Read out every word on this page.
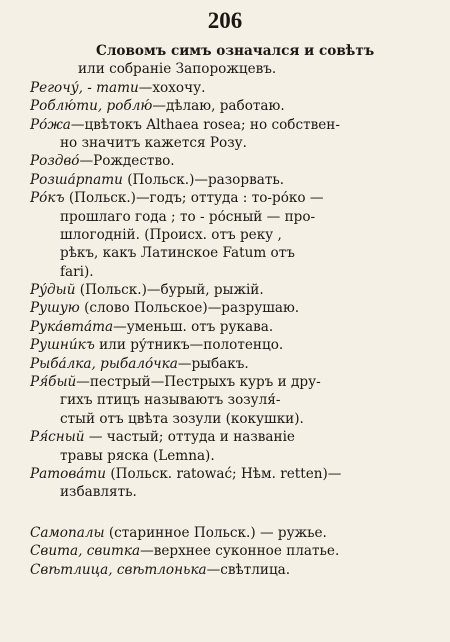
206
Словомъ симъ означался и совѣтъ
или собраніе Запорожцевъ.
Регочу́, - тати—хохочу.
Роблю́ти, роблю́—дѣлаю, работаю.
Ро́жа—цвѣтокъ Althaea rosea; но собствен-
но значитъ кажется Розу.
Роздво́—Рождество.
Розша́рпати (Польск.)—разорвать.
Ро́къ (Польск.)—годъ; оттуда : то-ро́ко —
прошлаго года ; то - ро́сный — про-
шлогодній. (Происх. отъ реку ,
рѣкъ, какъ Латинское Fatum отъ
fari).
Ру́дый (Польск.)—бурый, рыжій.
Рушую (слово Польское)—разрушаю.
Рука́вта́та—уменьш. отъ рукава.
Рушни́къ или ру́тникъ—полотенцо.
Рыба́лка, рыбало́чка—рыбакъ.
Ря́бый—пестрый—Пестрыхъ куръ и дру-
гихъ птицъ называютъ зозуля́-
стый отъ цвѣта зозули (кокушки).
Ря́сный — частый; оттуда и названіе
травы ряска (Lemna).
Ратова́ти (Польск. ratować; Нѣм. retten)—
избавлять.
Самопалы (старинное Польск.) — ружье.
Свита, свитка—верхнее суконное платье.
Свѣтлица, свѣтлонька—свѣтлица.
